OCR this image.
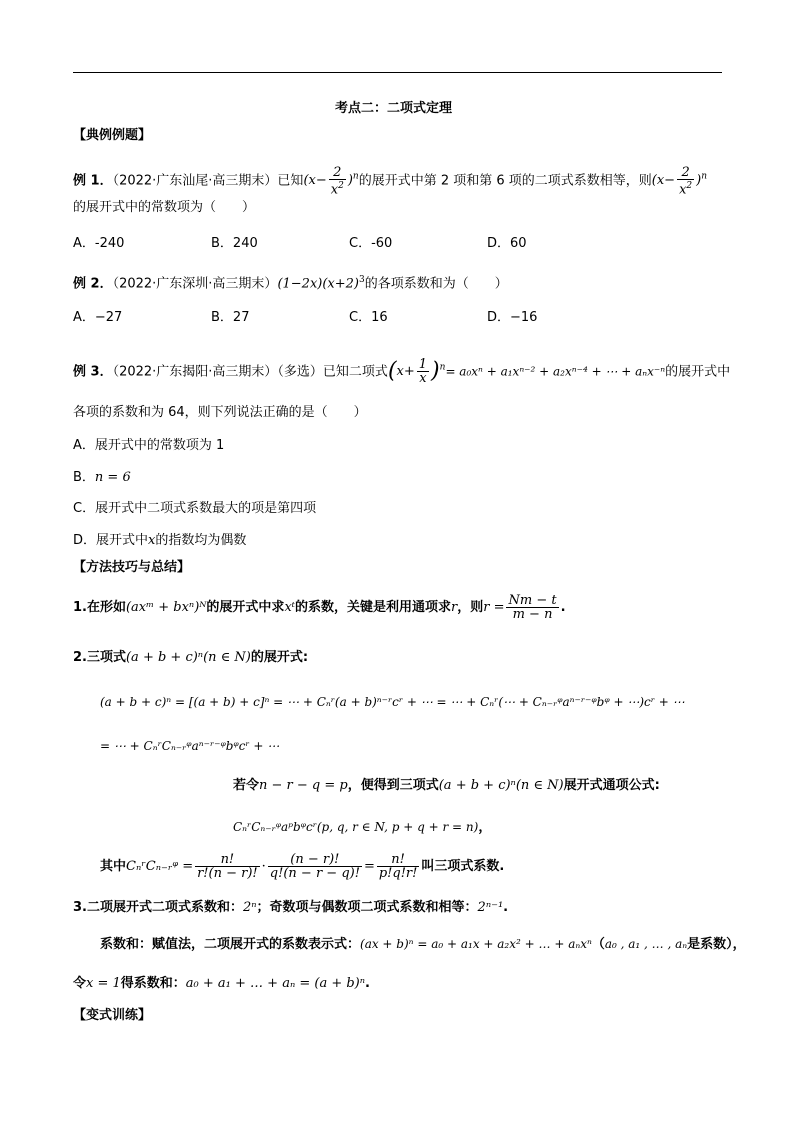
考点二：二项式定理
【典例例题】
例 1．（2022·广东汕尾·高三期末）已知$(x- \frac{2}{x^2} )^n$的展开式中第 2 项和第 6 项的二项式系数相等，则$(x- \frac{2}{x^2} )^n$
的展开式中的常数项为（　　）
A．-240	B．240	C．-60	D．60
例 2．（2022·广东深圳·高三期末）$(1-2x)(x+2)^3$的各项系数和为（　　）
A．−27	B．27	C．16	D．−16
例 3．（2022·广东揭阳·高三期末）（多选）已知二项式$(x+ \frac{1}{x} )^n= a_0x^n + a_1x^{n-2} + a_2x^{n-4}$ + ⋯ + aₙx⁻ⁿ的展开式中
各项的系数和为 64，则下列说法正确的是（　　）
A．展开式中的常数项为 1
B．n = 6
C．展开式中二项式系数最大的项是第四项
D．展开式中x的指数均为偶数
【方法技巧与总结】
1.在形如(axᵐ + bxⁿ)ᴺ的展开式中求xᵗ的系数，关键是利用通项求r，则$r = \frac{Nm - t}{m - n}$ .
2.三项式(a + b + c)ⁿ(n ∈ N)的展开式:
(a + b + c)ⁿ = [(a + b) + c]ⁿ = ⋯ + Cₙʳ(a + b)ⁿ⁻ʳcʳ + ⋯ = ⋯ + Cₙʳ(⋯ + Cₙ₋ᵣᵠaⁿ⁻ʳ⁻ᵠbᵠ + ⋯)cʳ + ⋯
= ⋯ + CₙʳCₙ₋ᵣᵠaⁿ⁻ʳ⁻ᵠbᵠcʳ + ⋯
若令n − r − q = p，便得到三项式(a + b + c)ⁿ(n ∈ N)展开式通项公式:
CₙʳCₙ₋ᵣᵠaᵖbᵠcʳ(p, q, r ∈ N, p + q + r = n)，
其中CₙʳCₙ₋ᵣᵠ = $\frac{n!}{r!(n - r)!} \cdot \frac{(n - r)!}{q!(n - r - q)!} = \frac{n!}{p!q!r!}$ 叫三项式系数.
3.二项展开式二项式系数和：2ⁿ；奇数项与偶数项二项式系数和相等：2ⁿ⁻¹.
系数和：赋值法，二项展开式的系数表示式：(ax + b)ⁿ = a₀ + a₁x + a₂x² + … + aₙxⁿ（a₀ , a₁ , … , aₙ是系数），
令x = 1得系数和：a₀ + a₁ + … + aₙ = (a + b)ⁿ.
【变式训练】
